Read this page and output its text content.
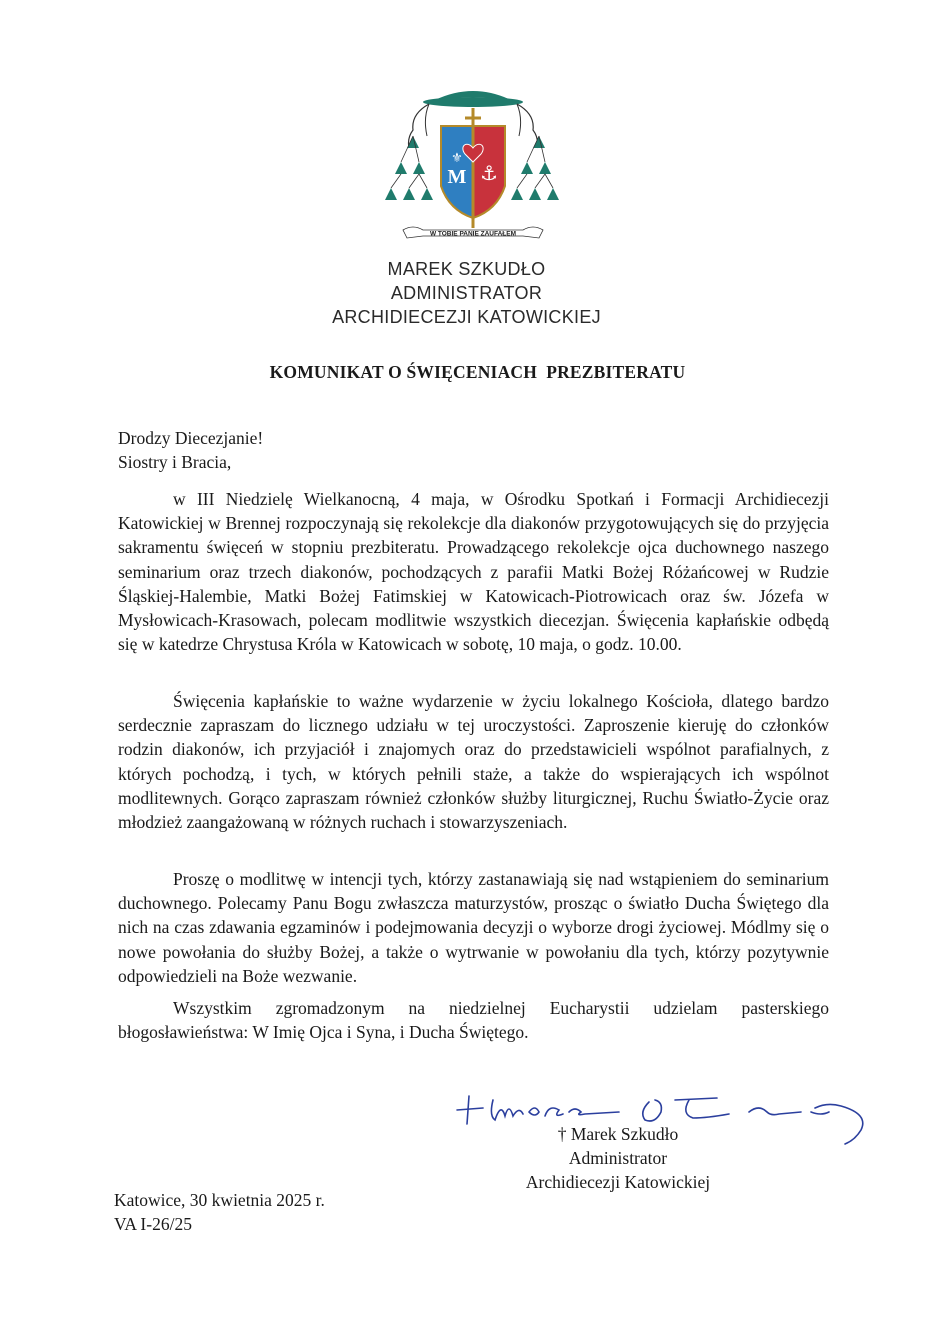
M
⚜
⚓
W TOBIE PANIE ZAUFAŁEM
MAREK SZKUDŁO
ADMINISTRATOR
ARCHIDIECEZJI KATOWICKIEJ
KOMUNIKAT O ŚWIĘCENIACH  PREZBITERATU
Drodzy Diecezjanie!
Siostry i Bracia,
w III Niedzielę Wielkanocną, 4 maja, w Ośrodku Spotkań i Formacji Archidiecezji Katowickiej w Brennej rozpoczynają się rekolekcje dla diakonów przygotowujących się do przyjęcia sakramentu święceń w stopniu prezbiteratu. Prowadzącego rekolekcje ojca duchownego naszego seminarium oraz trzech diakonów, pochodzących z parafii Matki Bożej Różańcowej w Rudzie Śląskiej-Halembie, Matki Bożej Fatimskiej w Katowicach-Piotrowicach oraz św. Józefa w Mysłowicach-Krasowach, polecam modlitwie wszystkich diecezjan. Święcenia kapłańskie odbędą się w katedrze Chrystusa Króla w Katowicach w sobotę, 10 maja, o godz. 10.00.
Święcenia kapłańskie to ważne wydarzenie w życiu lokalnego Kościoła, dlatego bardzo serdecznie zapraszam do licznego udziału w tej uroczystości. Zaproszenie kieruję do członków rodzin diakonów, ich przyjaciół i znajomych oraz do przedstawicieli wspólnot parafialnych, z których pochodzą, i tych, w których pełnili staże, a także do wspierających ich wspólnot modlitewnych. Gorąco zapraszam również członków służby liturgicznej, Ruchu Światło-Życie oraz młodzież zaangażowaną w różnych ruchach i stowarzyszeniach.
Proszę o modlitwę w intencji tych, którzy zastanawiają się nad wstąpieniem do seminarium duchownego. Polecamy Panu Bogu zwłaszcza maturzystów, prosząc o światło Ducha Świętego dla nich na czas zdawania egzaminów i podejmowania decyzji o wyborze drogi życiowej. Módlmy się o nowe powołania do służby Bożej, a także o wytrwanie w powołaniu dla tych, którzy pozytywnie odpowiedzieli na Boże wezwanie.
Wszystkim zgromadzonym na niedzielnej Eucharystii udzielam pasterskiego błogosławieństwa: W Imię Ojca i Syna, i Ducha Świętego.
† Marek Szkudło
Administrator
Archidiecezji Katowickiej
Katowice, 30 kwietnia 2025 r.
VA I-26/25
